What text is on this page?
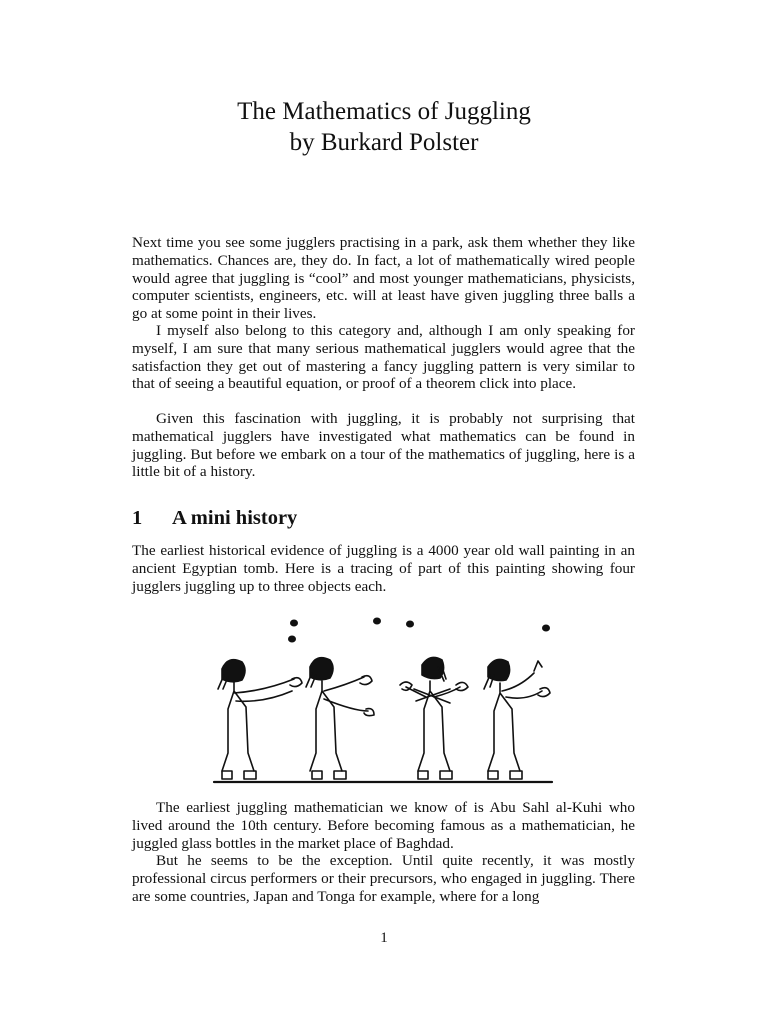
The Mathematics of Juggling
by Burkard Polster

Next time you see some jugglers practising in a park, ask them whether they like mathematics. Chances are, they do. In fact, a lot of mathematically wired people would agree that juggling is “cool” and most younger mathematicians, physicists, computer scientists, engineers, etc. will at least have given juggling three balls a go at some point in their lives.

I myself also belong to this category and, although I am only speaking for myself, I am sure that many serious mathematical jugglers would agree that the satisfaction they get out of mastering a fancy juggling pattern is very similar to that of seeing a beautiful equation, or proof of a theorem click into place.

Given this fascination with juggling, it is probably not surprising that mathematical jugglers have investigated what mathematics can be found in juggling. But before we embark on a tour of the mathematics of juggling, here is a little bit of a history.

1 A mini history

The earliest historical evidence of juggling is a 4000 year old wall painting in an ancient Egyptian tomb. Here is a tracing of part of this painting showing four jugglers juggling up to three objects each.

The earliest juggling mathematician we know of is Abu Sahl al-Kuhi who lived around the 10th century. Before becoming famous as a mathematician, he juggled glass bottles in the market place of Baghdad.

But he seems to be the exception. Until quite recently, it was mostly professional circus performers or their precursors, who engaged in juggling. There are some countries, Japan and Tonga for example, where for a long

1
